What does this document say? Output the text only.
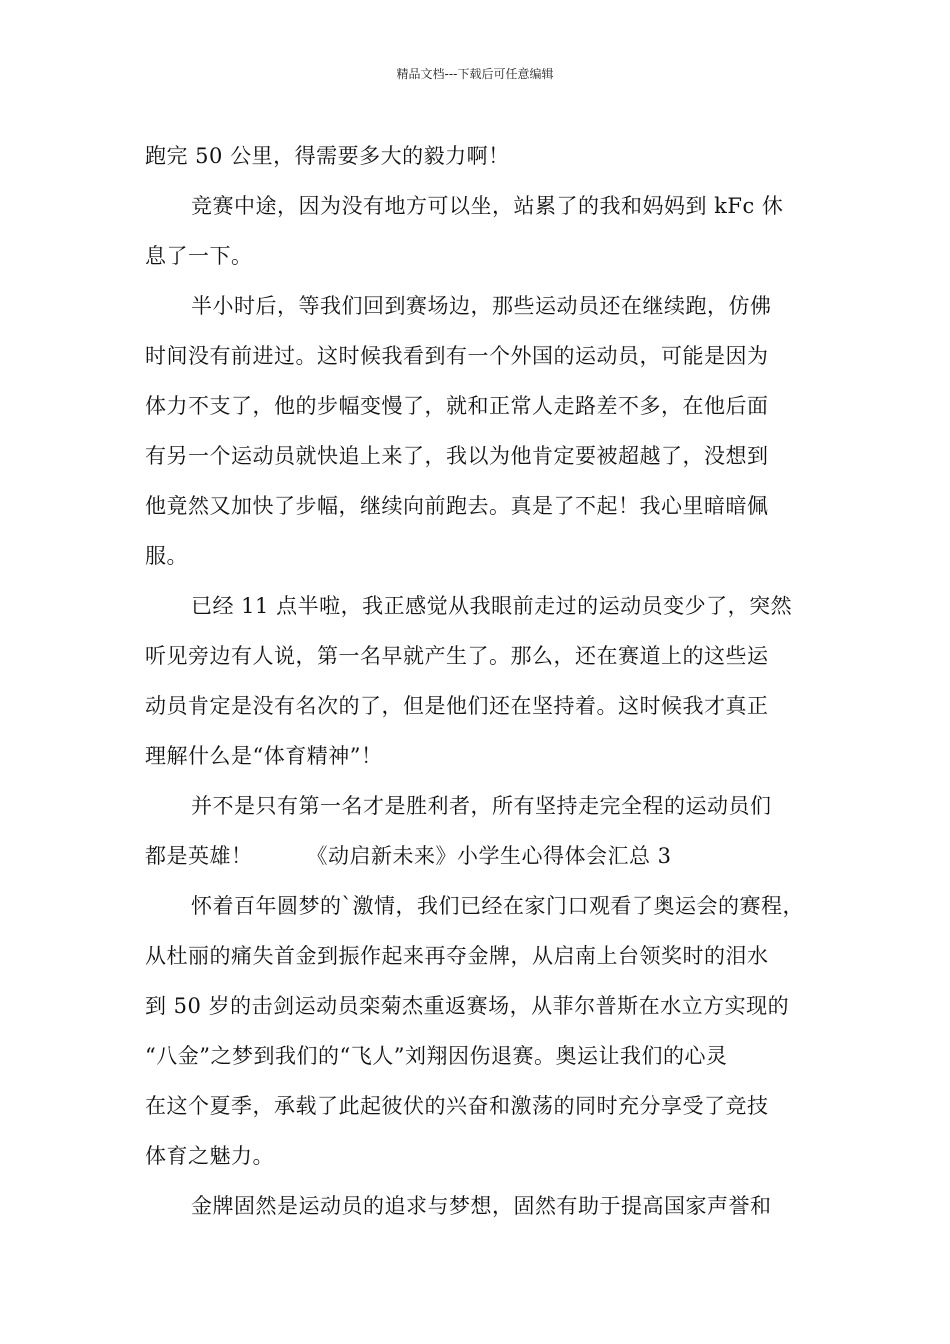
精品文档---下载后可任意编辑
跑完 50 公里，得需要多大的毅力啊！
竞赛中途，因为没有地方可以坐，站累了的我和妈妈到 kFc 休
息了一下。
半小时后，等我们回到赛场边，那些运动员还在继续跑，仿佛
时间没有前进过。这时候我看到有一个外国的运动员，可能是因为
体力不支了，他的步幅变慢了，就和正常人走路差不多，在他后面
有另一个运动员就快追上来了，我以为他肯定要被超越了，没想到
他竟然又加快了步幅，继续向前跑去。真是了不起！我心里暗暗佩
服。
已经 11 点半啦，我正感觉从我眼前走过的运动员变少了，突然
听见旁边有人说，第一名早就产生了。那么，还在赛道上的这些运
动员肯定是没有名次的了，但是他们还在坚持着。这时候我才真正
理解什么是“体育精神”！
并不是只有第一名才是胜利者，所有坚持走完全程的运动员们
都是英雄！　　　《动启新未来》小学生心得体会汇总 3
怀着百年圆梦的`激情，我们已经在家门口观看了奥运会的赛程，
从杜丽的痛失首金到振作起来再夺金牌，从启南上台领奖时的泪水
到 50 岁的击剑运动员栾菊杰重返赛场，从菲尔普斯在水立方实现的
“八金”之梦到我们的“飞人”刘翔因伤退赛。奥运让我们的心灵
在这个夏季，承载了此起彼伏的兴奋和激荡的同时充分享受了竞技
体育之魅力。
金牌固然是运动员的追求与梦想，固然有助于提高国家声誉和
